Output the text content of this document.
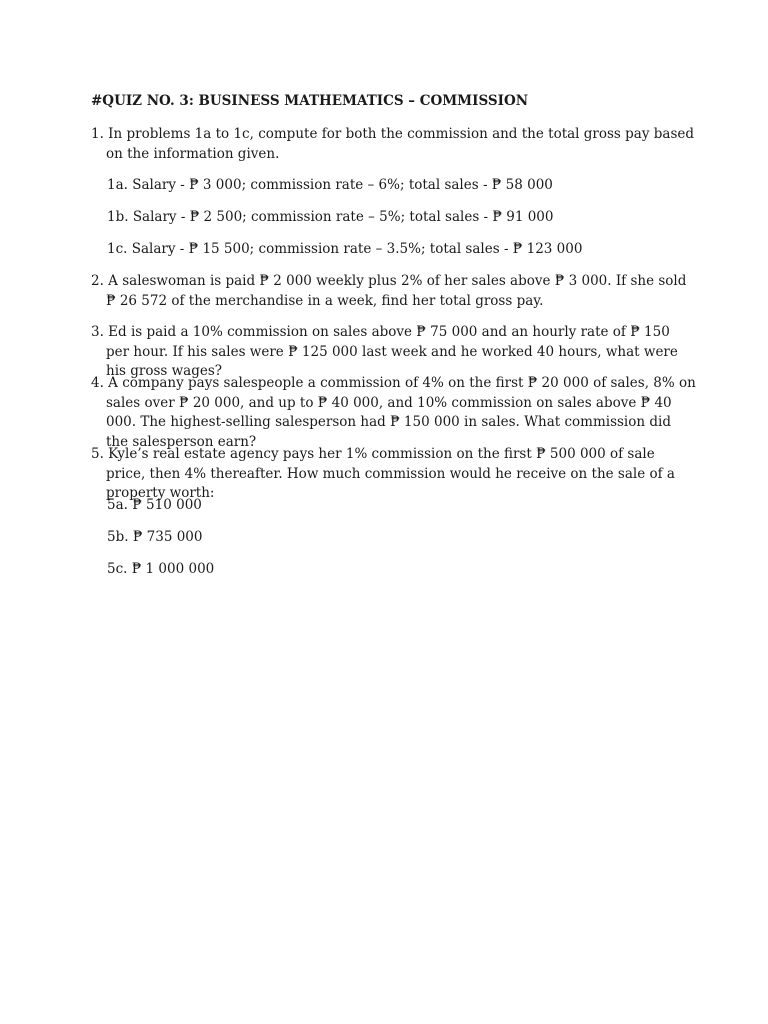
#QUIZ NO. 3: BUSINESS MATHEMATICS – COMMISSION
1. In problems 1a to 1c, compute for both the commission and the total gross pay based on the information given.
1a. Salary - ₱ 3 000; commission rate – 6%; total sales - ₱ 58 000
1b. Salary - ₱ 2 500; commission rate – 5%; total sales - ₱ 91 000
1c. Salary - ₱ 15 500; commission rate – 3.5%; total sales - ₱ 123 000
2. A saleswoman is paid ₱ 2 000 weekly plus 2% of her sales above ₱ 3 000. If she sold ₱ 26 572 of the merchandise in a week, find her total gross pay.
3. Ed is paid a 10% commission on sales above ₱ 75 000 and an hourly rate of ₱ 150 per hour. If his sales were ₱ 125 000 last week and he worked 40 hours, what were his gross wages?
4. A company pays salespeople a commission of 4% on the first ₱ 20 000 of sales, 8% on sales over ₱ 20 000, and up to ₱ 40 000, and 10% commission on sales above ₱ 40 000. The highest-selling salesperson had ₱ 150 000 in sales. What commission did the salesperson earn?
5. Kyle’s real estate agency pays her 1% commission on the first ₱ 500 000 of sale price, then 4% thereafter. How much commission would he receive on the sale of a property worth:
5a. ₱ 510 000
5b. ₱ 735 000
5c. ₱ 1 000 000
